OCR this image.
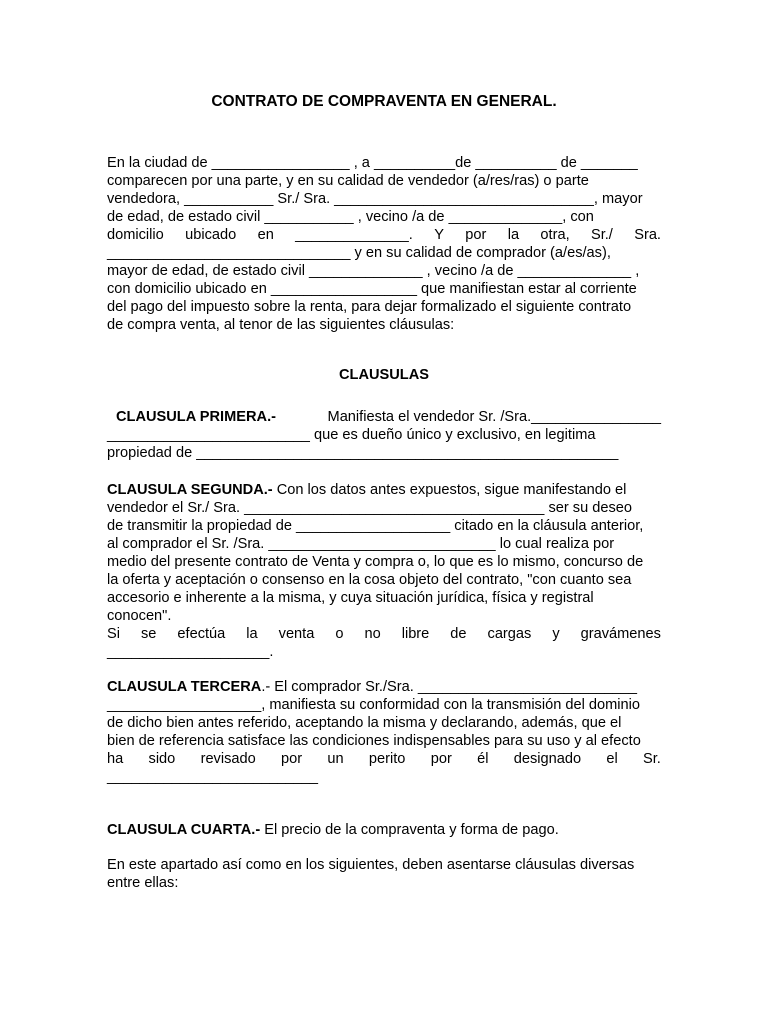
CONTRATO DE COMPRAVENTA EN GENERAL.
En la ciudad de _________________ , a __________de __________ de _______
comparecen por una parte, y en su calidad de vendedor (a/res/ras) o parte
vendedora, ___________ Sr./ Sra. ________________________________, mayor
de edad, de estado civil ___________ , vecino /a de ______________, con
domicilio ubicado en ______________. Y por la otra, Sr./ Sra.
______________________________ y en su calidad de comprador (a/es/as),
mayor de edad, de estado civil ______________ , vecino /a de ______________ ,
con domicilio ubicado en __________________ que manifiestan estar al corriente
del pago del impuesto sobre la renta, para dejar formalizado el siguiente contrato
de compra venta, al tenor de las siguientes cláusulas:
CLAUSULAS
CLAUSULA PRIMERA.-	Manifiesta el vendedor Sr. /Sra.________________
_________________________ que es dueño único y exclusivo, en legitima
propiedad de ____________________________________________________
CLAUSULA SEGUNDA.- Con los datos antes expuestos, sigue manifestando el
vendedor el Sr./ Sra. _____________________________________ ser su deseo
de transmitir la propiedad de ___________________ citado en la cláusula anterior,
al comprador el Sr. /Sra. ____________________________ lo cual realiza por
medio del presente contrato de Venta y compra o, lo que es lo mismo, concurso de
la oferta y aceptación o consenso en la cosa objeto del contrato, "con cuanto sea
accesorio e inherente a la misma, y cuya situación jurídica, física y registral
conocen".
Si se efectúa la venta o no libre de cargas y gravámenes
____________________.
CLAUSULA TERCERA.- El comprador Sr./Sra. ___________________________
___________________, manifiesta su conformidad con la transmisión del dominio
de dicho bien antes referido, aceptando la misma y declarando, además, que el
bien de referencia satisface las condiciones indispensables para su uso y al efecto
ha sido revisado por un perito por él designado el Sr.
__________________________
CLAUSULA CUARTA.- El precio de la compraventa y forma de pago.
En este apartado así como en los siguientes, deben asentarse cláusulas diversas
entre ellas:
